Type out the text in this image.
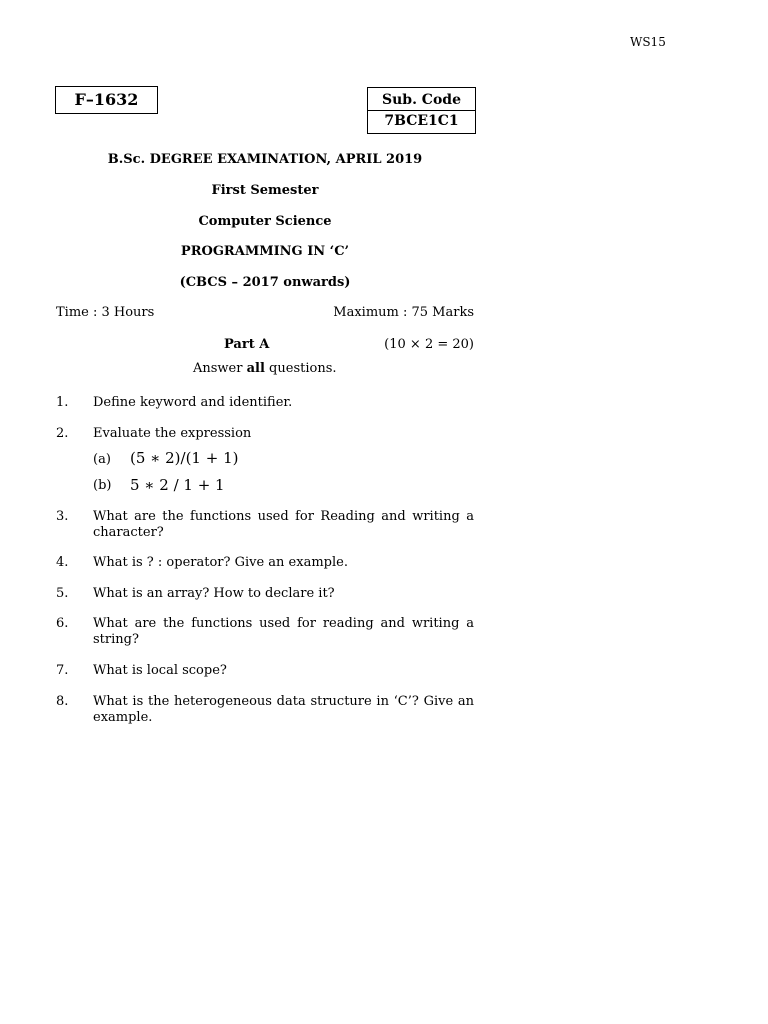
WS15
F–1632	Sub. Code
7BCE1C1
B.Sc. DEGREE EXAMINATION, APRIL 2019
First Semester
Computer Science
PROGRAMMING IN ‘C’
(CBCS – 2017 onwards)
Time : 3 Hours	Maximum : 75 Marks
Part A	(10 × 2 = 20)
Answer all questions.
1. Define keyword and identifier.
2. Evaluate the expression
(a) (5 ∗ 2)/(1 + 1)
(b) 5 ∗ 2 / 1 + 1
3. What are the functions used for Reading and writing a character?
4. What is ? : operator? Give an example.
5. What is an array? How to declare it?
6. What are the functions used for reading and writing a string?
7. What is local scope?
8. What is the heterogeneous data structure in ‘C’? Give an example.
